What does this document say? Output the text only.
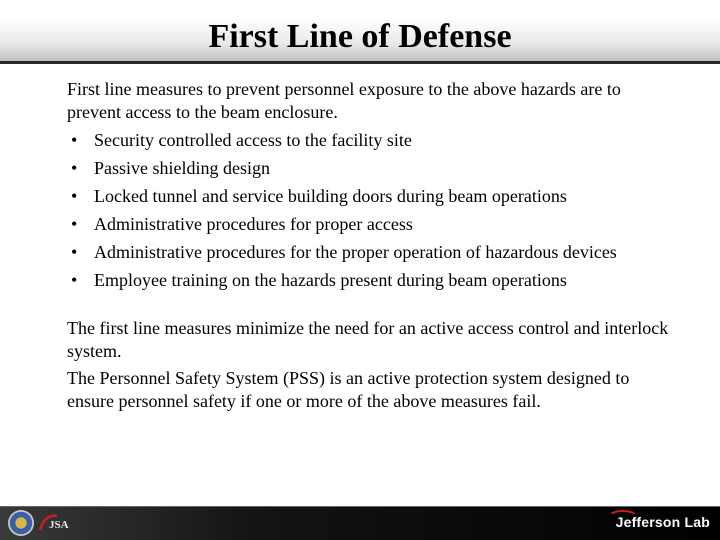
First Line of Defense

First line measures to prevent personnel exposure to the above hazards are to prevent access to the beam enclosure.

• Security controlled access to the facility site
• Passive shielding design
• Locked tunnel and service building doors during beam operations
• Administrative procedures for proper access
• Administrative procedures for the proper operation of hazardous devices
• Employee training on the hazards present during beam operations

The first line measures minimize the need for an active access control and interlock system.

The Personnel Safety System (PSS) is an active protection system designed to ensure personnel safety if one or more of the above measures fail.

JSA	Jefferson Lab
